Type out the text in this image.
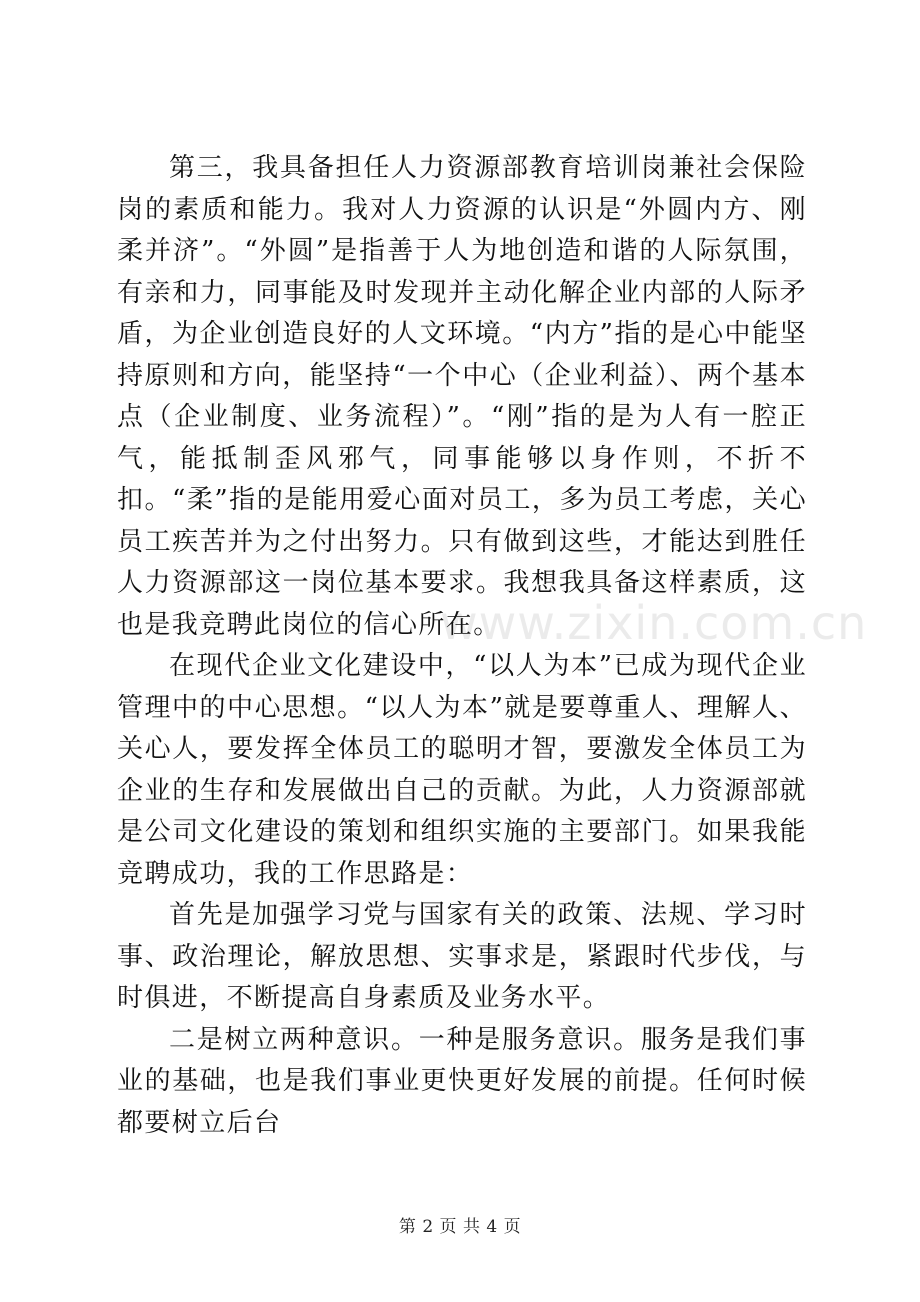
www.zixin.com.cn

第三，我具备担任人力资源部教育培训岗兼社会保险岗的素质和能力。我对人力资源的认识是“外圆内方、刚柔并济”。“外圆”是指善于人为地创造和谐的人际氛围，有亲和力，同事能及时发现并主动化解企业内部的人际矛盾，为企业创造良好的人文环境。“内方”指的是心中能坚持原则和方向，能坚持“一个中心（企业利益）、两个基本点（企业制度、业务流程）”。“刚”指的是为人有一腔正气，能抵制歪风邪气，同事能够以身作则，不折不扣。“柔”指的是能用爱心面对员工，多为员工考虑，关心员工疾苦并为之付出努力。只有做到这些，才能达到胜任人力资源部这一岗位基本要求。我想我具备这样素质，这也是我竞聘此岗位的信心所在。

在现代企业文化建设中，“以人为本”已成为现代企业管理中的中心思想。“以人为本”就是要尊重人、理解人、关心人，要发挥全体员工的聪明才智，要激发全体员工为企业的生存和发展做出自己的贡献。为此，人力资源部就是公司文化建设的策划和组织实施的主要部门。如果我能竞聘成功，我的工作思路是：

首先是加强学习党与国家有关的政策、法规、学习时事、政治理论，解放思想、实事求是，紧跟时代步伐，与时俱进，不断提高自身素质及业务水平。

二是树立两种意识。一种是服务意识。服务是我们事业的基础，也是我们事业更快更好发展的前提。任何时候都要树立后台

第 2 页 共 4 页
